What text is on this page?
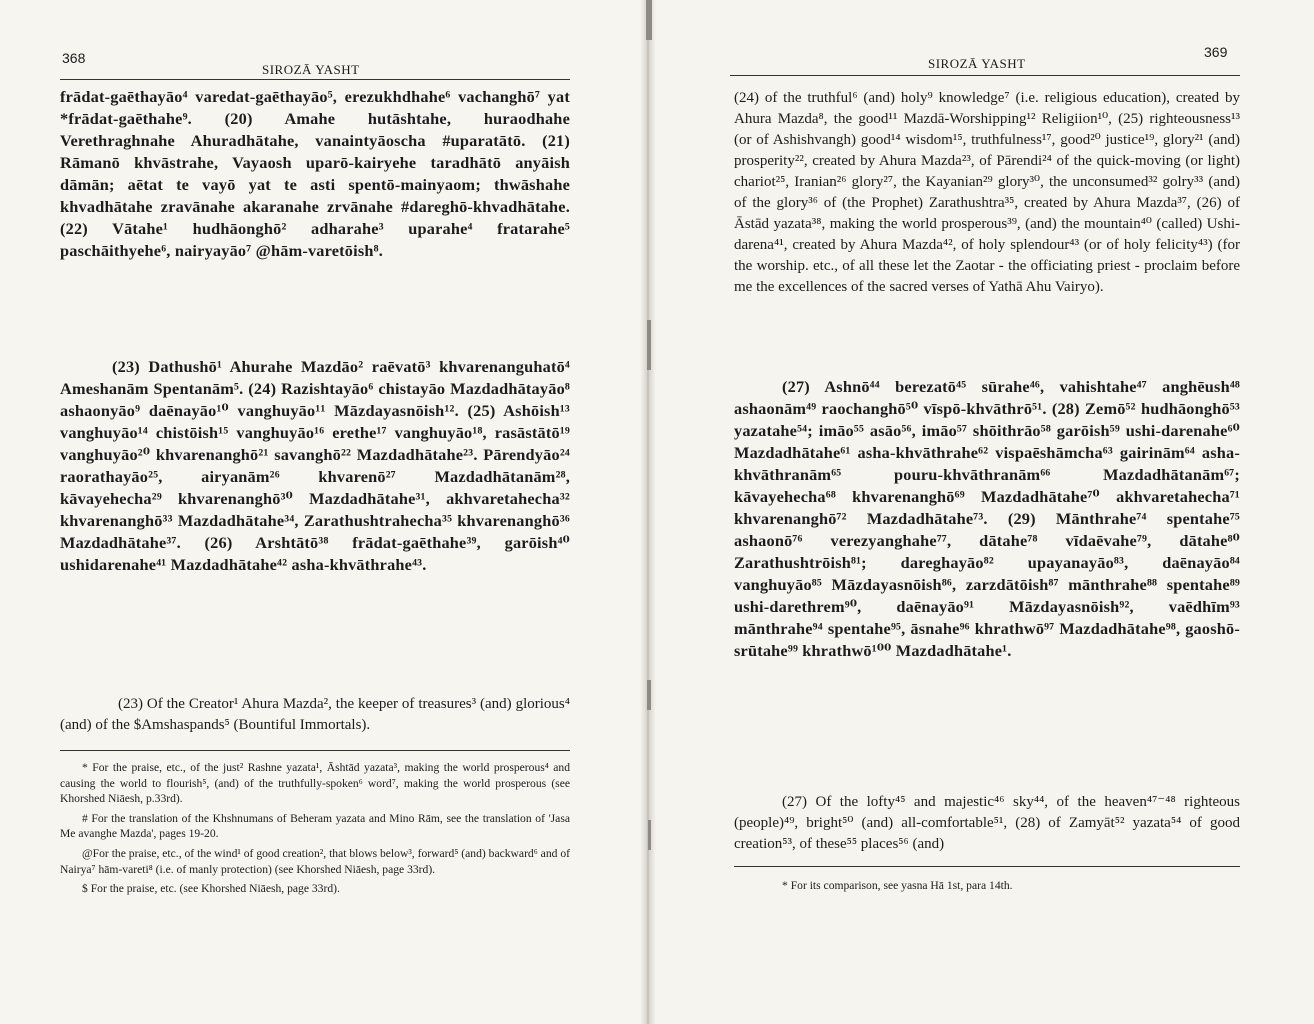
368
SIROZĀ YASHT

frādat-gaēthayāo⁴ varedat-gaēthayāo⁵, erezukhdhahe⁶ vachanghō⁷ yat *frādat-gaēthahe⁹. (20) Amahe hutāshtahe, huraodhahe Verethraghnahe Ahuradhātahe, vanaintyāoscha #uparatātō. (21) Rāmanō khvāstrahe, Vayaosh uparō-kairyehe taradhātō anyāish dāmān; aētat te vayō yat te asti spentō-mainyaom; thwāshahe khvadhātahe zravānahe akaranahe zrvānahe #dareghō-khvadhātahe. (22) Vātahe¹ hudhāonghō² adharahe³ uparahe⁴ fratarahe⁵ paschāithyehe⁶, nairyayāo⁷ @hām-varetōish⁸.

(23) Dathushō¹ Ahurahe Mazdāo² raēvatō³ khvarenanguhatō⁴ Ameshanām Spentanām⁵. (24) Razishtayāo⁶ chistayāo Mazdadhātayāo⁸ ashaonyāo⁹ daēnayāo¹⁰ vanghuyāo¹¹ Māzdayasnōish¹². (25) Ashōish¹³ vanghuyāo¹⁴ chistōish¹⁵ vanghuyāo¹⁶ erethe¹⁷ vanghuyāo¹⁸, rasāstātō¹⁹ vanghuyāo²⁰ khvarenanghō²¹ savanghō²² Mazdadhātahe²³. Pārendyāo²⁴ raorathayāo²⁵, airyanām²⁶ khvarenō²⁷ Mazdadhātanām²⁸, kāvayehecha²⁹ khvarenanghō³⁰ Mazdadhātahe³¹, akhvaretahecha³² khvarenanghō³³ Mazdadhātahe³⁴, Zarathushtrahecha³⁵ khvarenanghō³⁶ Mazdadhātahe³⁷. (26) Arshtātō³⁸ frādat-gaēthahe³⁹, garōish⁴⁰ ushidarenahe⁴¹ Mazdadhātahe⁴² asha-khvāthrahe⁴³.

(23) Of the Creator¹ Ahura Mazda², the keeper of treasures³ (and) glorious⁴ (and) of the $Amshaspands⁵ (Bountiful Immortals).

* For the praise, etc., of the just² Rashne yazata¹, Āshtād yazata³, making the world prosperous⁴ and causing the world to flourish⁵, (and) of the truthfully-spoken⁶ word⁷, making the world prosperous (see Khorshed Niāesh, p.33rd).

# For the translation of the Khshnumans of Beheram yazata and Mino Rām, see the translation of 'Jasa Me avanghe Mazda', pages 19-20.

@For the praise, etc., of the wind¹ of good creation², that blows below³, forward⁵ (and) backward⁶ and of Nairya⁷ hām-vareti⁸ (i.e. of manly protection) (see Khorshed Niāesh, page 33rd).

$ For the praise, etc. (see Khorshed Niāesh, page 33rd).

369
SIROZĀ YASHT

(24) of the truthful⁶ (and) holy⁹ knowledge⁷ (i.e. religious education), created by Ahura Mazda⁸, the good¹¹ Mazdā-Worshipping¹² Religiion¹⁰, (25) righteousness¹³ (or of Ashishvangh) good¹⁴ wisdom¹⁵, truthfulness¹⁷, good²⁰ justice¹⁹, glory²¹ (and) prosperity²², created by Ahura Mazda²³, of Pārendi²⁴ of the quick-moving (or light) chariot²⁵, Iranian²⁶ glory²⁷, the Kayanian²⁹ glory³⁰, the unconsumed³² golry³³ (and) of the glory³⁶ of (the Prophet) Zarathushtra³⁵, created by Ahura Mazda³⁷, (26) of Āstād yazata³⁸, making the world prosperous³⁹, (and) the mountain⁴⁰ (called) Ushi-darena⁴¹, created by Ahura Mazda⁴², of holy splendour⁴³ (or of holy felicity⁴³) (for the worship. etc., of all these let the Zaotar - the officiating priest - proclaim before me the excellences of the sacred verses of Yathā Ahu Vairyo).

(27) Ashnō⁴⁴ berezatō⁴⁵ sūrahe⁴⁶, vahishtahe⁴⁷ anghēush⁴⁸ ashaonām⁴⁹ raochanghō⁵⁰ vīspō-khvāthrō⁵¹. (28) Zemō⁵² hudhāonghō⁵³ yazatahe⁵⁴; imāo⁵⁵ asāo⁵⁶, imāo⁵⁷ shōithrāo⁵⁸ garōish⁵⁹ ushi-darenahe⁶⁰ Mazdadhātahe⁶¹ asha-khvāthrahe⁶² vispaēshāmcha⁶³ gairinām⁶⁴ asha-khvāthranām⁶⁵ pouru-khvāthranām⁶⁶ Mazdadhātanām⁶⁷; kāvayehecha⁶⁸ khvarenanghō⁶⁹ Mazdadhātahe⁷⁰ akhvaretahecha⁷¹ khvarenanghō⁷² Mazdadhātahe⁷³. (29) Mānthrahe⁷⁴ spentahe⁷⁵ ashaonō⁷⁶ verezyanghahe⁷⁷, dātahe⁷⁸ vīdaēvahe⁷⁹, dātahe⁸⁰ Zarathushtrōish⁸¹; dareghayāo⁸² upayanayāo⁸³, daēnayāo⁸⁴ vanghuyāo⁸⁵ Māzdayasnōish⁸⁶, zarzdātōish⁸⁷ mānthrahe⁸⁸ spentahe⁸⁹ ushi-darethrem⁹⁰, daēnayāo⁹¹ Māzdayasnōish⁹², vaēdhīm⁹³ mānthrahe⁹⁴ spentahe⁹⁵, āsnahe⁹⁶ khrathwō⁹⁷ Mazdadhātahe⁹⁸, gaoshō-srūtahe⁹⁹ khrathwō¹⁰⁰ Mazdadhātahe¹.

(27) Of the lofty⁴⁵ and majestic⁴⁶ sky⁴⁴, of the heaven⁴⁷⁻⁴⁸ righteous (people)⁴⁹, bright⁵⁰ (and) all-comfortable⁵¹, (28) of Zamyāt⁵² yazata⁵⁴ of good creation⁵³, of these⁵⁵ places⁵⁶ (and)

* For its comparison, see yasna Hā 1st, para 14th.
